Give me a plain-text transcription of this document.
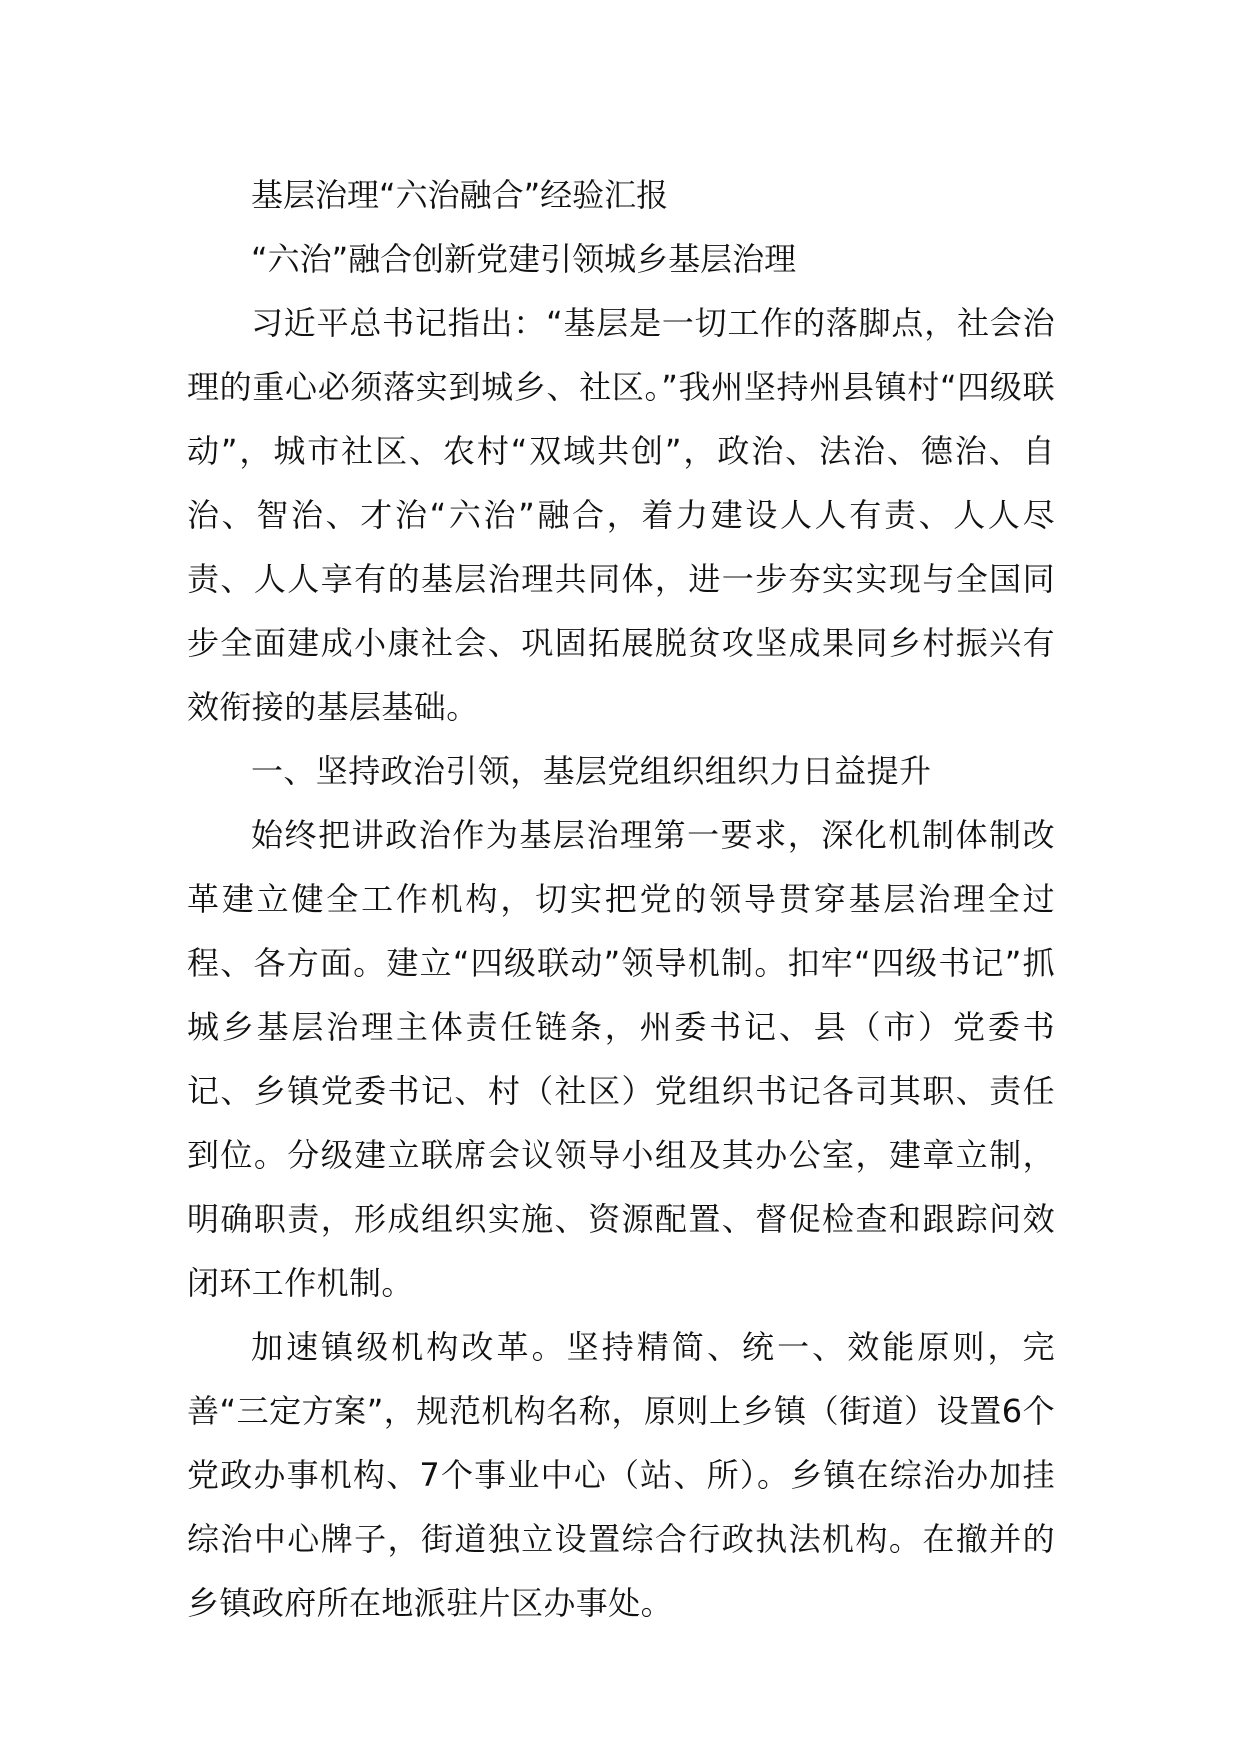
基层治理“六治融合”经验汇报
“六治”融合创新党建引领城乡基层治理

习近平总书记指出：“基层是一切工作的落脚点，社会治理的重心必须落实到城乡、社区。”我州坚持州县镇村“四级联动”，城市社区、农村“双域共创”，政治、法治、德治、自治、智治、才治“六治”融合，着力建设人人有责、人人尽责、人人享有的基层治理共同体，进一步夯实实现与全国同步全面建成小康社会、巩固拓展脱贫攻坚成果同乡村振兴有效衔接的基层基础。

一、坚持政治引领，基层党组织组织力日益提升

始终把讲政治作为基层治理第一要求，深化机制体制改革建立健全工作机构，切实把党的领导贯穿基层治理全过程、各方面。建立“四级联动”领导机制。扣牢“四级书记”抓城乡基层治理主体责任链条，州委书记、县（市）党委书记、乡镇党委书记、村（社区）党组织书记各司其职、责任到位。分级建立联席会议领导小组及其办公室，建章立制，明确职责，形成组织实施、资源配置、督促检查和跟踪问效闭环工作机制。

加速镇级机构改革。坚持精简、统一、效能原则，完善“三定方案”，规范机构名称，原则上乡镇（街道）设置6个党政办事机构、7个事业中心（站、所）。乡镇在综治办加挂综治中心牌子，街道独立设置综合行政执法机构。在撤并的乡镇政府所在地派驻片区办事处。
